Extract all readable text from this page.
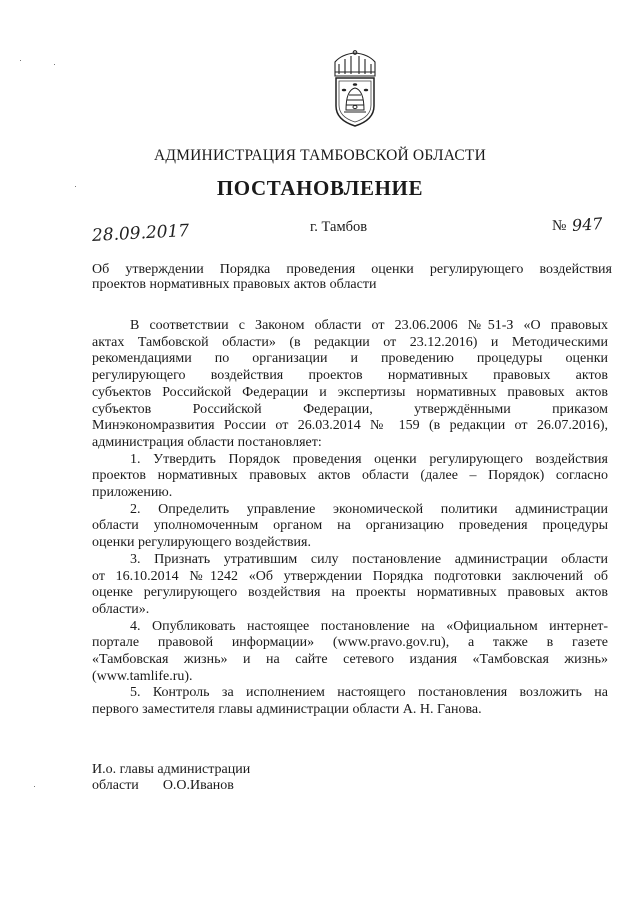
АДМИНИСТРАЦИЯ ТАМБОВСКОЙ ОБЛАСТИ
ПОСТАНОВЛЕНИЕ
28.09.2017	г. Тамбов	№ 947
Об утверждении Порядка проведения оценки регулирующего воздействия
проектов нормативных правовых актов области

В соответствии с Законом области от 23.06.2006 №51-З «О правовых
актах Тамбовской области» (в редакции от 23.12.2016) и Методическими
рекомендациями по организации и проведению процедуры оценки
регулирующего воздействия проектов нормативных правовых актов
субъектов Российской Федерации и экспертизы нормативных правовых актов
субъектов Российской Федерации, утверждёнными приказом
Минэкономразвития России от 26.03.2014 № 159 (в редакции от 26.07.2016),
администрация области постановляет:

1. Утвердить Порядок проведения оценки регулирующего воздействия
проектов нормативных правовых актов области (далее – Порядок) согласно
приложению.

2. Определить управление экономической политики администрации
области уполномоченным органом на организацию проведения процедуры
оценки регулирующего воздействия.

3. Признать утратившим силу постановление администрации области
от 16.10.2014 №1242 «Об утверждении Порядка подготовки заключений об
оценке регулирующего воздействия на проекты нормативных правовых актов
области».

4. Опубликовать настоящее постановление на «Официальном интернет-
портале правовой информации» (www.pravo.gov.ru), а также в газете
«Тамбовская жизнь» и на сайте сетевого издания «Тамбовская жизнь»
(www.tamlife.ru).

5. Контроль за исполнением настоящего постановления возложить на
первого заместителя главы администрации области А. Н. Ганова.

И.о. главы администрации
области О.О.Иванов
